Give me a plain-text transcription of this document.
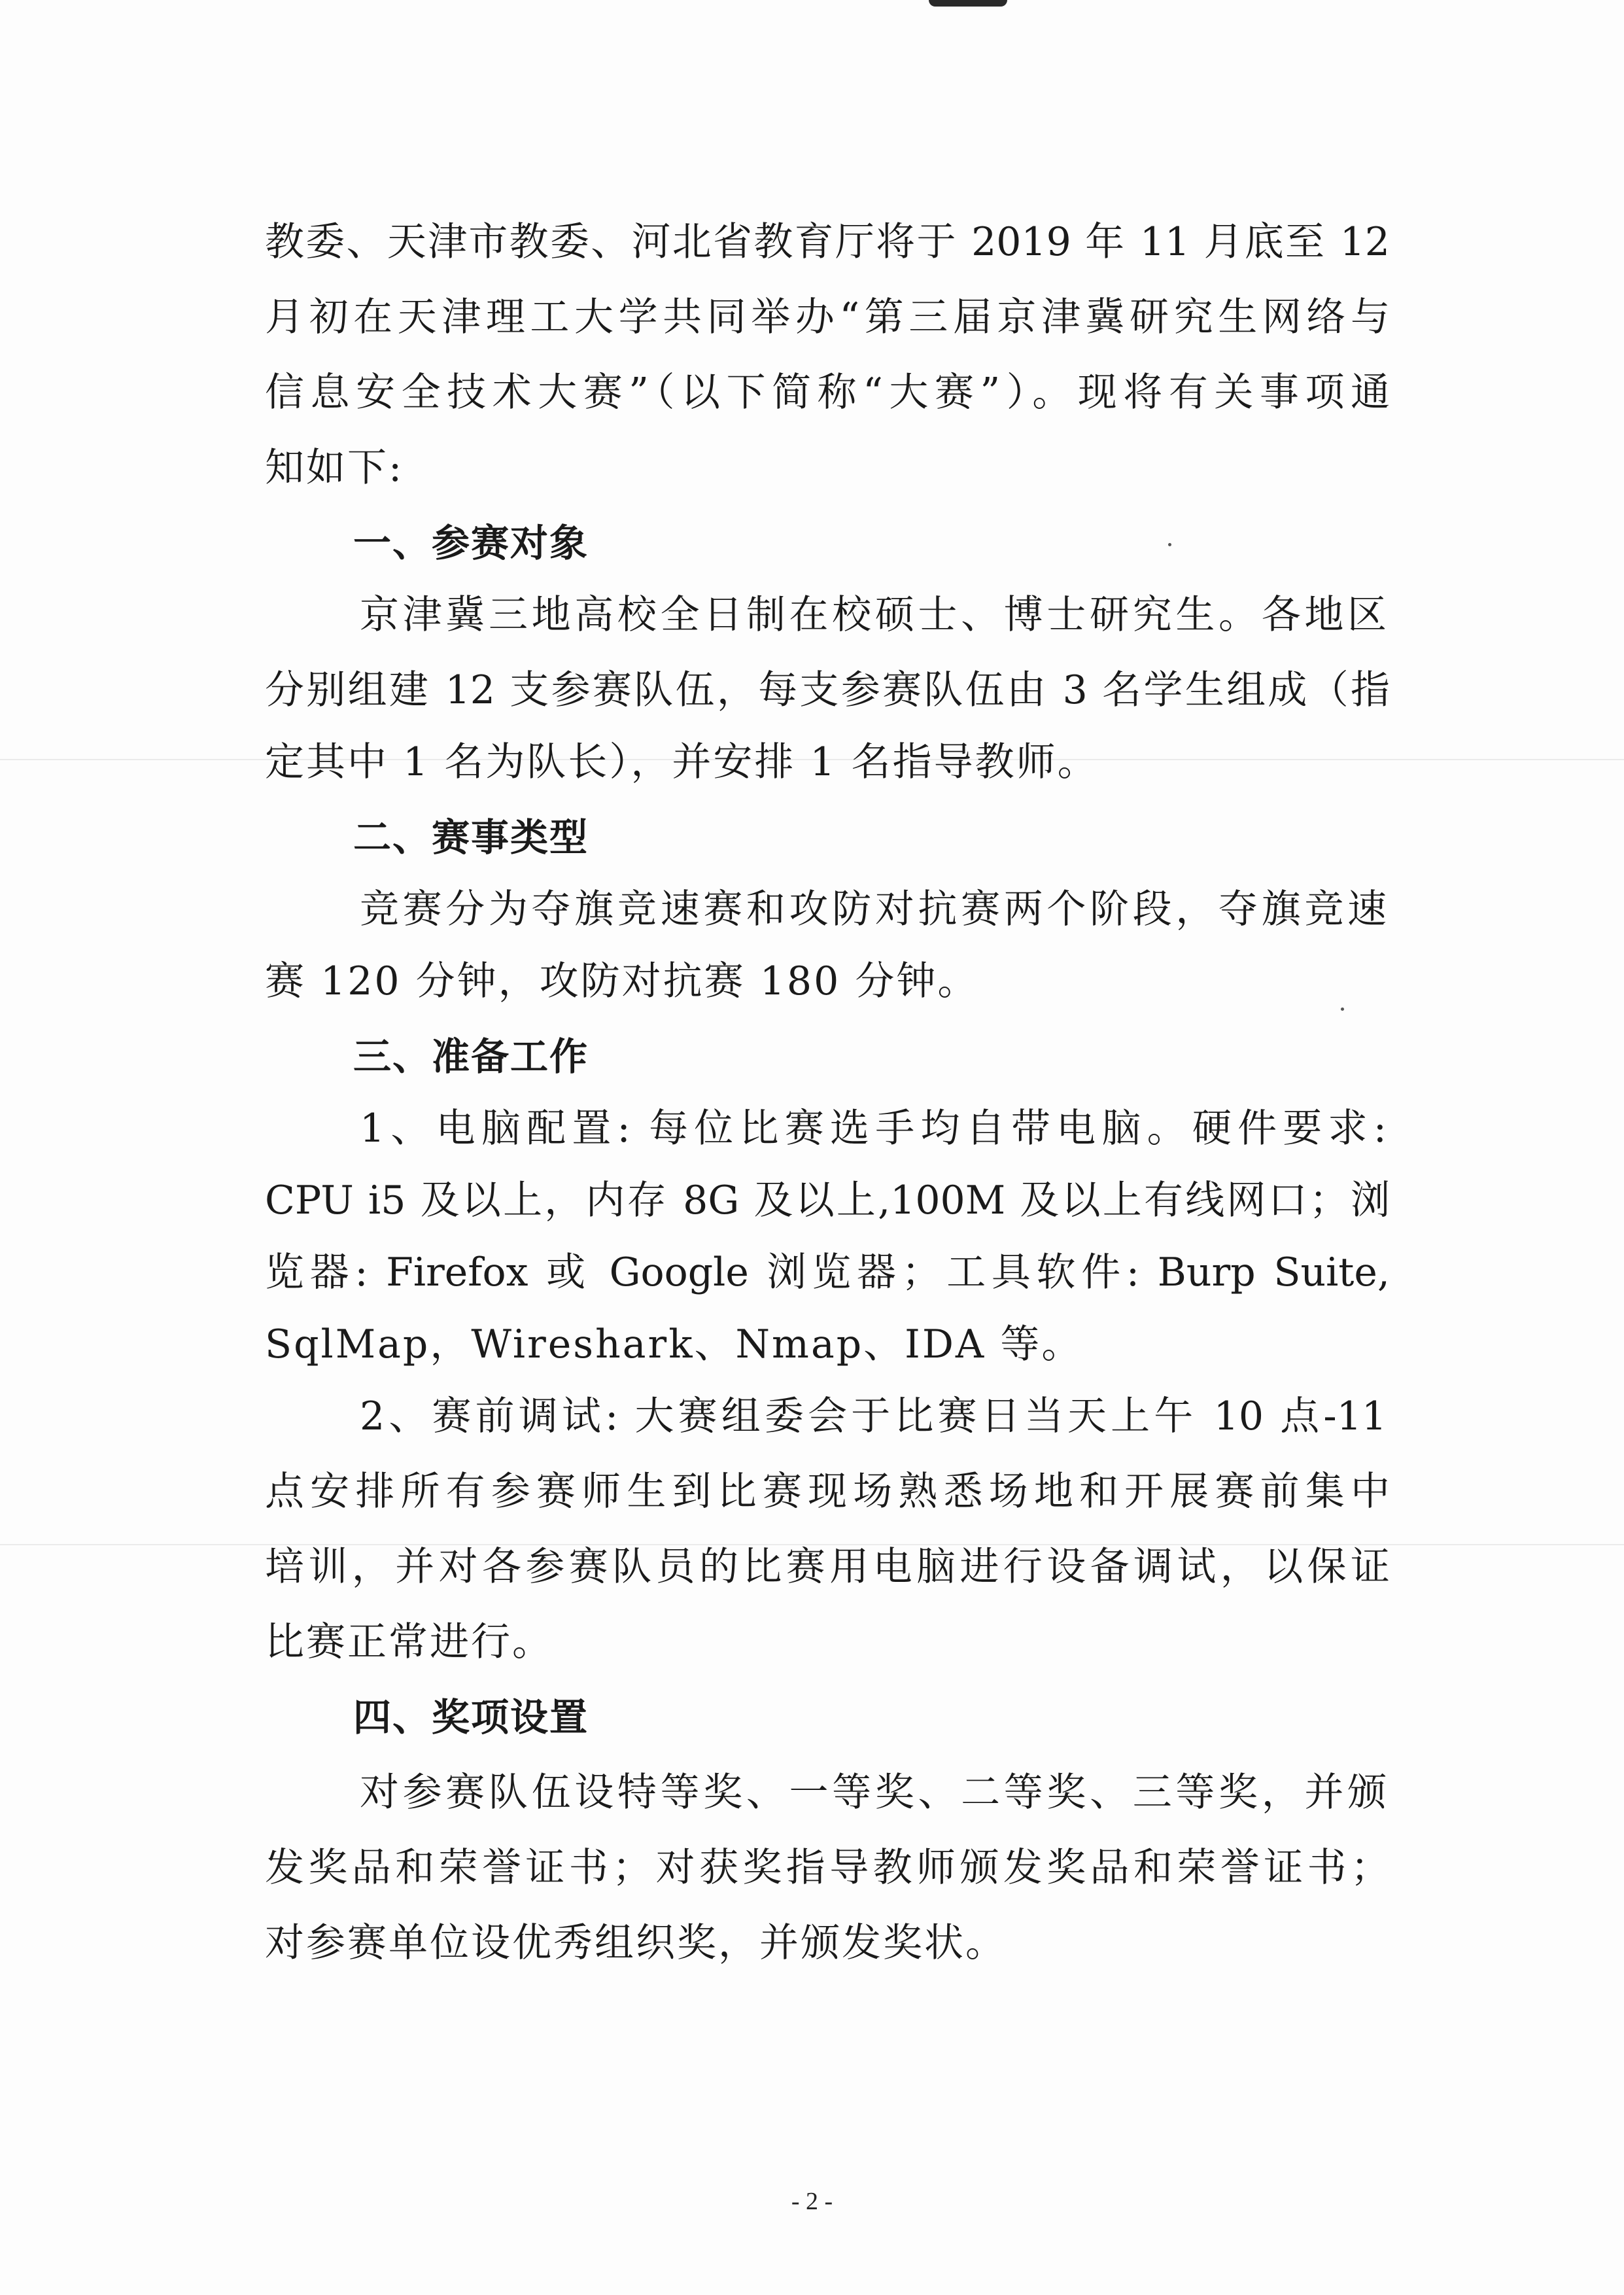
教委、天津市教委、河北省教育厅将于 2019 年 11 月底至 12
月初在天津理工大学共同举办“第三届京津冀研究生网络与
信息安全技术大赛”（以下简称“大赛”）。现将有关事项通
知如下:
一、参赛对象
京津冀三地高校全日制在校硕士、博士研究生。各地区
分别组建 12 支参赛队伍，每支参赛队伍由 3 名学生组成（指
定其中 1 名为队长），并安排 1 名指导教师。
二、赛事类型
竞赛分为夺旗竞速赛和攻防对抗赛两个阶段，夺旗竞速
赛 120 分钟，攻防对抗赛 180 分钟。
三、准备工作
1、电脑配置: 每位比赛选手均自带电脑。硬件要求:
CPU i5 及以上，内存 8G 及以上,100M 及以上有线网口；浏
览器: Firefox 或 Google 浏览器；工具软件: Burp Suite,
SqlMap，Wireshark、Nmap、IDA 等。
2、赛前调试: 大赛组委会于比赛日当天上午 10 点-11
点安排所有参赛师生到比赛现场熟悉场地和开展赛前集中
培训，并对各参赛队员的比赛用电脑进行设备调试，以保证
比赛正常进行。
四、奖项设置
对参赛队伍设特等奖、一等奖、二等奖、三等奖，并颁
发奖品和荣誉证书；对获奖指导教师颁发奖品和荣誉证书；
对参赛单位设优秀组织奖，并颁发奖状。
- 2 -
